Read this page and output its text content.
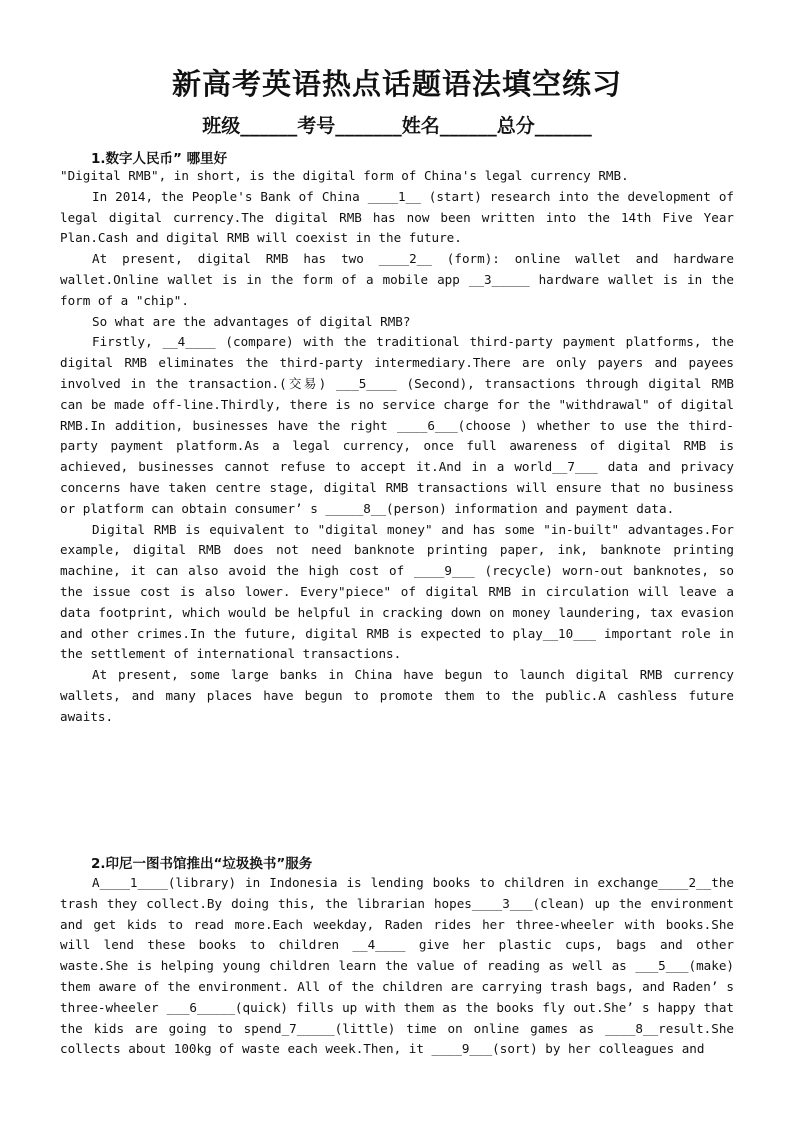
新高考英语热点话题语法填空练习
班级______考号_______姓名______总分______
1.数字人民币” 哪里好

"Digital RMB", in short, is the digital form of China's legal currency RMB.

In 2014, the People's Bank of China ____1__ (start) research into the development of legal digital currency.The digital RMB has now been written into the 14th Five Year Plan.Cash and digital RMB will coexist in the future.

At present, digital RMB has two ____2__ (form): online wallet and hardware wallet.Online wallet is in the form of a mobile app __3_____ hardware wallet is in the form of a "chip".

So what are the advantages of digital RMB?

Firstly, __4____ (compare) with the traditional third-party payment platforms, the digital RMB eliminates the third-party intermediary.There are only payers and payees involved in the transaction.(交易) ___5____ (Second), transactions through digital RMB can be made off-line.Thirdly, there is no service charge for the "withdrawal" of digital RMB.In addition, businesses have the right ____6___(choose ) whether to use the third-party payment platform.As a legal currency, once full awareness of digital RMB is achieved, businesses cannot refuse to accept it.And in a world__7___ data and privacy concerns have taken centre stage, digital RMB transactions will ensure that no business or platform can obtain consumer’ s _____8__(person) information and payment data.

Digital RMB is equivalent to "digital money" and has some "in-built" advantages.For example, digital RMB does not need banknote printing paper, ink, banknote printing machine, it can also avoid the high cost of ____9___ (recycle) worn-out banknotes, so the issue cost is also lower. Every"piece" of digital RMB in circulation will leave a data footprint, which would be helpful in cracking down on money laundering, tax evasion and other crimes.In the future, digital RMB is expected to play__10___ important role in the settlement of international transactions.

At present, some large banks in China have begun to launch digital RMB currency wallets, and many places have begun to promote them to the public.A cashless future awaits.

2.印尼一图书馆推出“垃圾换书”服务

A____1____(library) in Indonesia is lending books to children in exchange____2__the trash they collect.By doing this, the librarian hopes____3___(clean) up the environment and get kids to read more.Each weekday, Raden rides her three-wheeler with books.She will lend these books to children __4____ give her plastic cups, bags and other waste.She is helping young children learn the value of reading as well as ___5___(make) them aware of the environment. All of the children are carrying trash bags, and Raden’ s three-wheeler ___6_____(quick) fills up with them as the books fly out.She’ s happy that the kids are going to spend_7_____(little) time on online games as ____8__result.She collects about 100kg of waste each week.Then, it ____9___(sort) by her colleagues and
